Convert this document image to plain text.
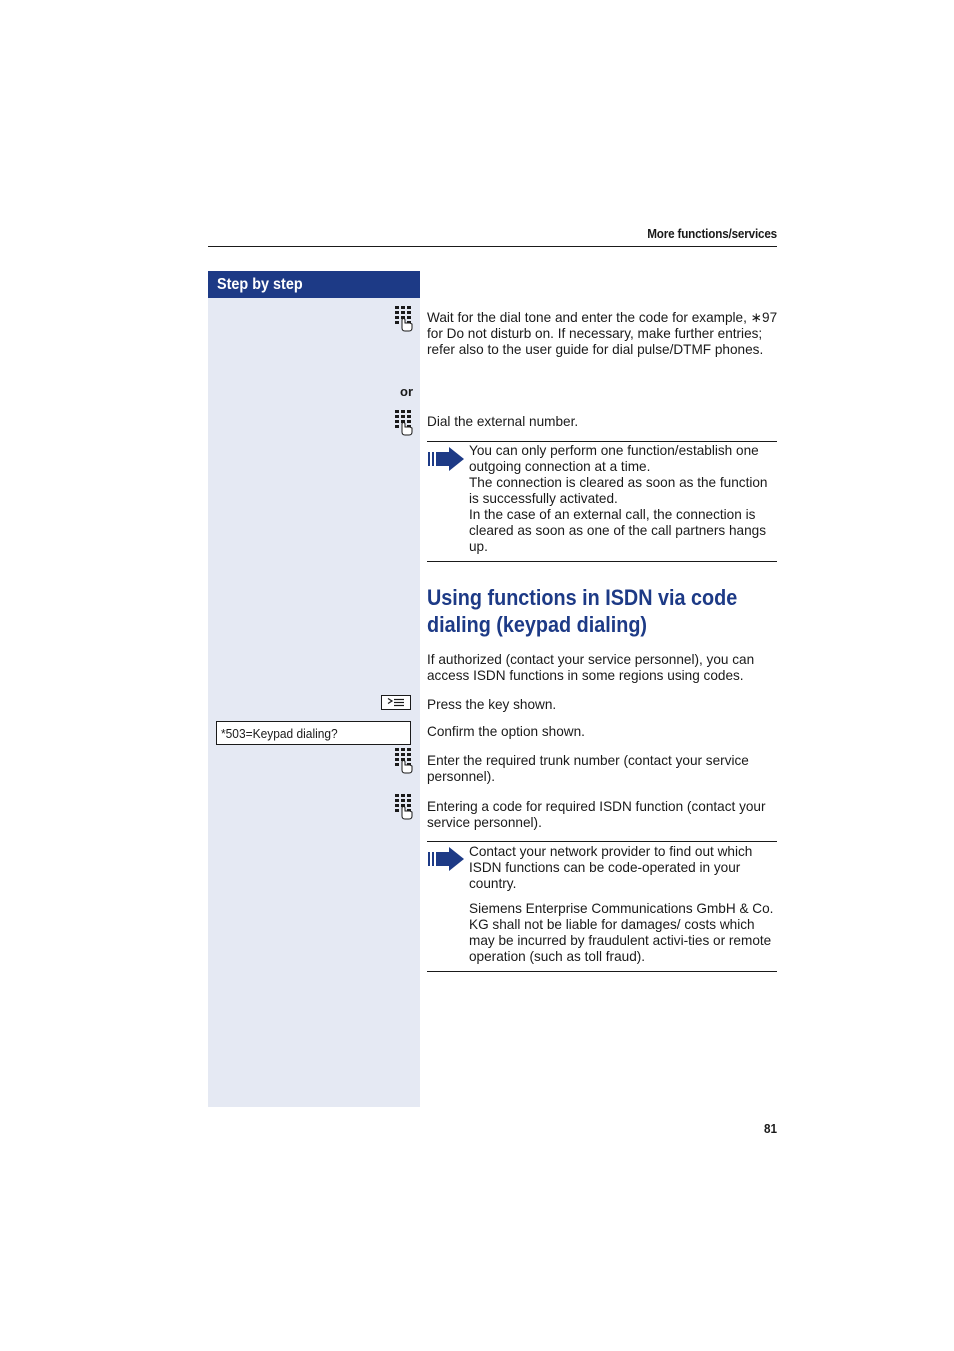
More functions/services
Step by step
Wait for the dial tone and enter the code for example, ∗97 for Do not disturb on. If necessary, make further entries; refer also to the user guide for dial pulse/DTMF phones.
or
Dial the external number.
You can only perform one function/establish one outgoing connection at a time.
The connection is cleared as soon as the function is successfully activated.
In the case of an external call, the connection is cleared as soon as one of the call partners hangs up.
Using functions in ISDN via code
dialing (keypad dialing)
If authorized (contact your service personnel), you can access ISDN functions in some regions using codes.
Press the key shown.
*503=Keypad dialing?	Confirm the option shown.
Enter the required trunk number (contact your service personnel).
Entering a code for required ISDN function (contact your service personnel).
Contact your network provider to find out which ISDN functions can be code-operated in your country.
Siemens Enterprise Communications GmbH & Co. KG shall not be liable for damages/ costs which may be incurred by fraudulent activi-ties or remote operation (such as toll fraud).
81
